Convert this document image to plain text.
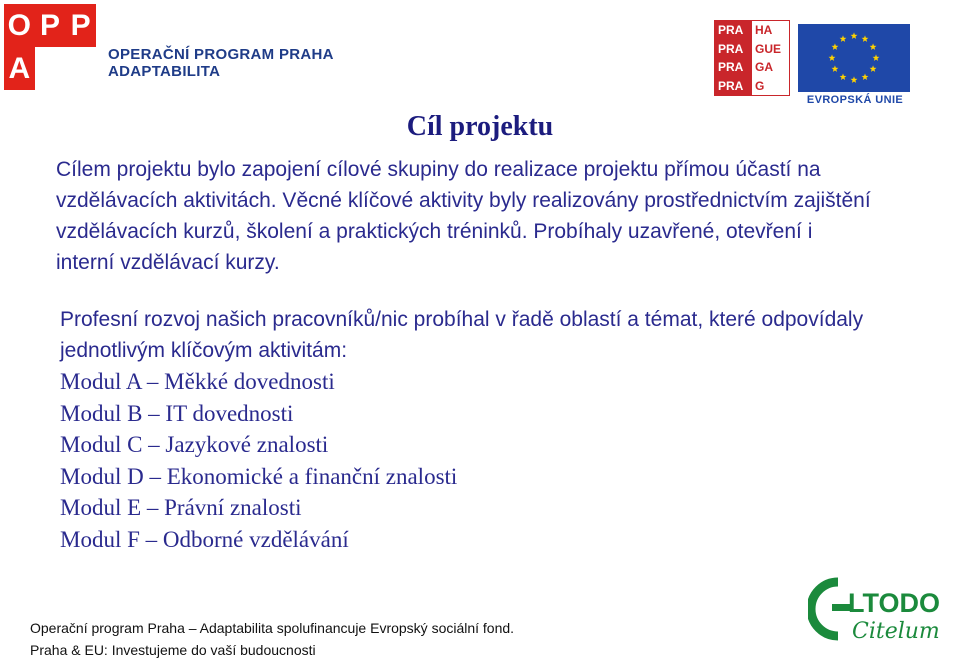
O P P
A	OPERAČNÍ PROGRAM PRAHA
ADAPTABILITA
PRA HA
PRA GUE
PRA GA
PRA G
EVROPSKÁ UNIE
Cíl projektu
Cílem projektu bylo zapojení cílové skupiny do realizace projektu přímou účastí na vzdělávacích aktivitách. Věcné klíčové aktivity byly realizovány prostřednictvím zajištění vzdělávacích kurzů, školení a praktických tréninků. Probíhaly uzavřené, otevření i interní vzdělávací kurzy.
Profesní rozvoj našich pracovníků/nic probíhal v řadě oblastí a témat, které odpovídaly jednotlivým klíčovým aktivitám:
Modul A – Měkké dovednosti
Modul B – IT dovednosti
Modul C – Jazykové znalosti
Modul D – Ekonomické a finanční znalosti
Modul E – Právní znalosti
Modul F – Odborné vzdělávání
Operační program Praha – Adaptabilita spolufinancuje Evropský sociální fond.
Praha & EU: Investujeme do vaší budoucnosti
LTODO
Citelum
